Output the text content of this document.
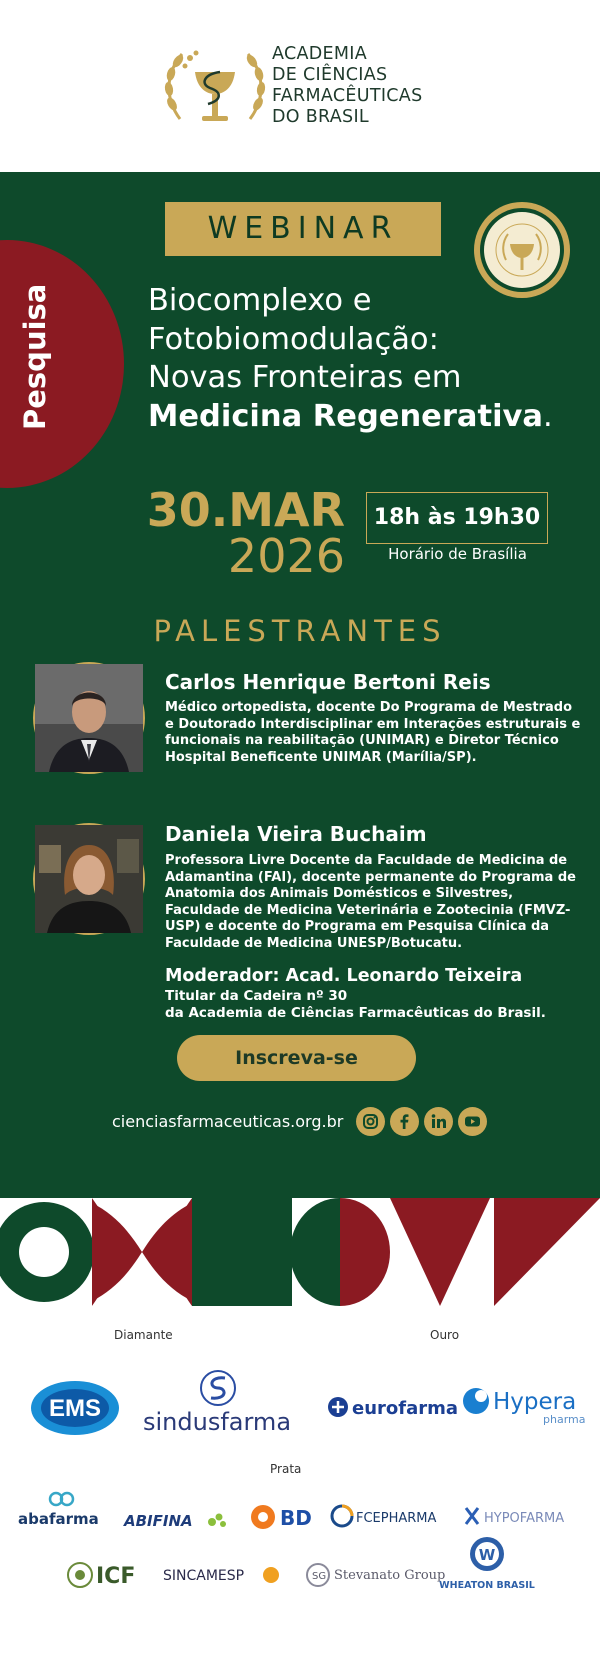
ACADEMIA
DE CIÊNCIAS
FARMACÊUTICAS
DO BRASIL
Pesquisa
WEBINAR
Biocomplexo e
Fotobiomodulação:
Novas Fronteiras em
Medicina Regenerativa.
30.MAR
2026
18h às 19h30
Horário de Brasília
PALESTRANTES
Carlos Henrique Bertoni Reis
Médico ortopedista, docente Do Programa de Mestrado e Doutorado Interdisciplinar em Interações estruturais e funcionais na reabilitação (UNIMAR) e Diretor Técnico Hospital Beneficente UNIMAR (Marília/SP).
Daniela Vieira Buchaim
Professora Livre Docente da Faculdade de Medicina de Adamantina (FAI), docente permanente do Programa de Anatomia dos Animais Domésticos e Silvestres, Faculdade de Medicina Veterinária e Zootecinia (FMVZ-USP) e docente do Programa em Pesquisa Clínica da Faculdade de Medicina UNESP/Botucatu.
Moderador: Acad. Leonardo Teixeira
Titular da Cadeira nº 30
da Academia de Ciências Farmacêuticas do Brasil.
Inscreva-se
cienciasfarmaceuticas.org.br
Diamante	Ouro
EMS sindusfarma	eurofarma Hypera
pharma
Prata
abafarma ABIFINA	BD	FCEPHARMA	HYPOFARMA
ICF SINCAMESP	SG Stevanato Group
W
WHEATON BRASIL
